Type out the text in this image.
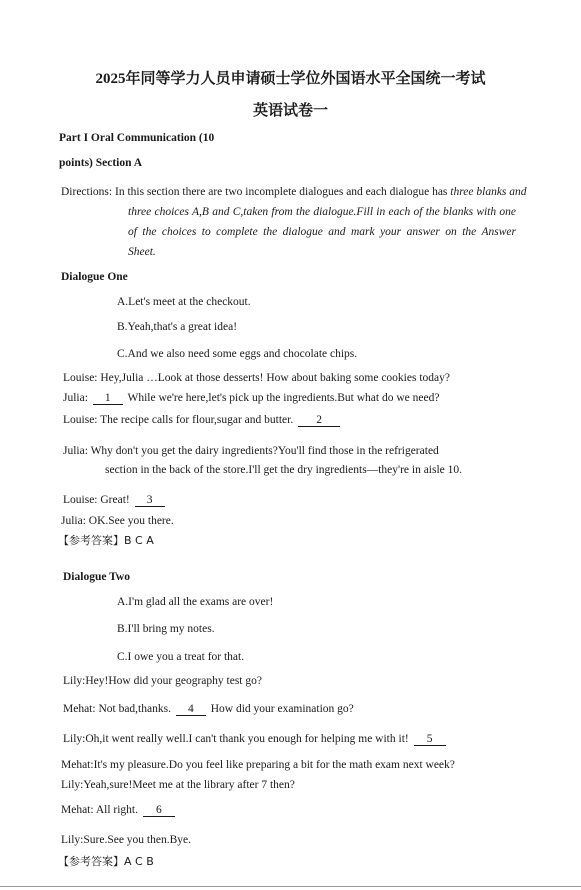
2025年同等学力人员申请硕士学位外国语水平全国统一考试
英语试卷一
Part I Oral Communication (10
points) Section A
Directions: In this section there are two incomplete dialogues and each dialogue has three blanks and
three choices A,B and C,taken from the dialogue.Fill in each of the blanks with one
of the choices to complete the dialogue and mark your answer on the Answer
Sheet.
Dialogue One
A.Let's meet at the checkout.
B.Yeah,that's a great idea!
C.And we also need some eggs and chocolate chips.
Louise: Hey,Julia …Look at those desserts! How about baking some cookies today?
Julia: 1 While we're here,let's pick up the ingredients.But what do we need?
Louise: The recipe calls for flour,sugar and butter. 2
Julia: Why don't you get the dairy ingredients?You'll find those in the refrigerated
section in the back of the store.I'll get the dry ingredients—they're in aisle 10.
Louise: Great! 3
Julia: OK.See you there.
【参考答案】B C A
Dialogue Two
A.I'm glad all the exams are over!
B.I'll bring my notes.
C.I owe you a treat for that.
Lily:Hey!How did your geography test go?
Mehat: Not bad,thanks. 4 How did your examination go?
Lily:Oh,it went really well.I can't thank you enough for helping me with it! 5
Mehat:It's my pleasure.Do you feel like preparing a bit for the math exam next week?
Lily:Yeah,sure!Meet me at the library after 7 then?
Mehat: All right. 6
Lily:Sure.See you then.Bye.
【参考答案】A C B
